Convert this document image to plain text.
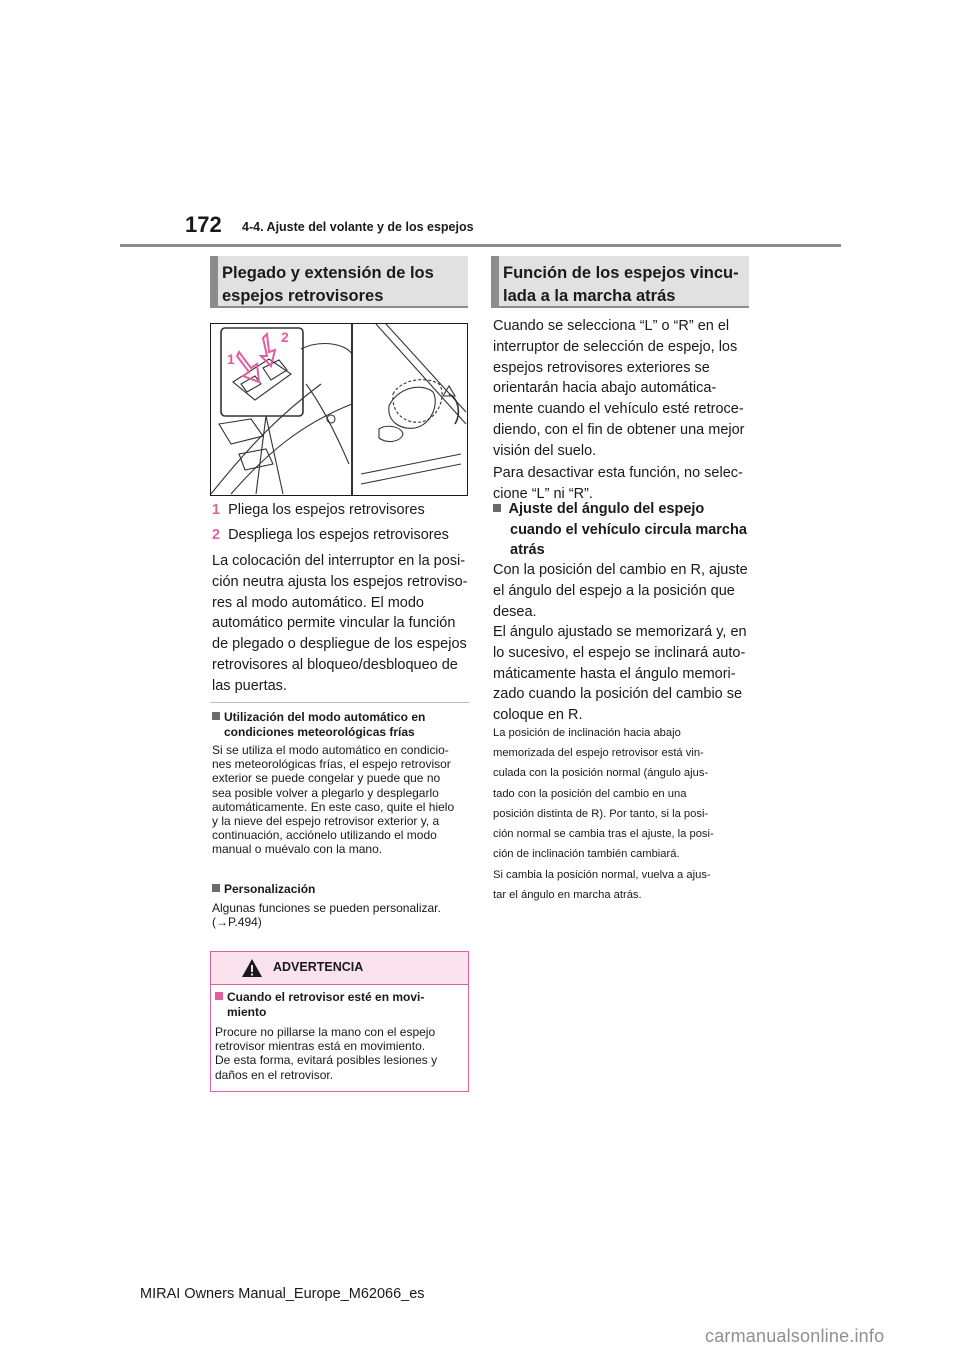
172 4-4. Ajuste del volante y de los espejos
Plegado y extensión de los
espejos retrovisores
1
2
1 Pliega los espejos retrovisores
2 Despliega los espejos retrovisores
La colocación del interruptor en la posi-
ción neutra ajusta los espejos retroviso-
res al modo automático. El modo
automático permite vincular la función
de plegado o despliegue de los espejos
retrovisores al bloqueo/desbloqueo de
las puertas.
Utilización del modo automático en
condiciones meteorológicas frías
Si se utiliza el modo automático en condicio-
nes meteorológicas frías, el espejo retrovisor
exterior se puede congelar y puede que no
sea posible volver a plegarlo y desplegarlo
automáticamente. En este caso, quite el hielo
y la nieve del espejo retrovisor exterior y, a
continuación, acciónelo utilizando el modo
manual o muévalo con la mano.
Personalización
Algunas funciones se pueden personalizar.
(→P.494)
ADVERTENCIA
Cuando el retrovisor esté en movi-
miento
Procure no pillarse la mano con el espejo
retrovisor mientras está en movimiento.
De esta forma, evitará posibles lesiones y
daños en el retrovisor.
Función de los espejos vincu-
lada a la marcha atrás
Cuando se selecciona “L” o “R” en el
interruptor de selección de espejo, los
espejos retrovisores exteriores se
orientarán hacia abajo automática-
mente cuando el vehículo esté retroce-
diendo, con el fin de obtener una mejor
visión del suelo.
Para desactivar esta función, no selec-
cione “L” ni “R”.
Ajuste del ángulo del espejo
cuando el vehículo circula marcha
atrás
Con la posición del cambio en R, ajuste
el ángulo del espejo a la posición que
desea.
El ángulo ajustado se memorizará y, en
lo sucesivo, el espejo se inclinará auto-
máticamente hasta el ángulo memori-
zado cuando la posición del cambio se
coloque en R.
La posición de inclinación hacia abajo
memorizada del espejo retrovisor está vin-
culada con la posición normal (ángulo ajus-
tado con la posición del cambio en una
posición distinta de R). Por tanto, si la posi-
ción normal se cambia tras el ajuste, la posi-
ción de inclinación también cambiará.
Si cambia la posición normal, vuelva a ajus-
tar el ángulo en marcha atrás.
MIRAI Owners Manual_Europe_M62066_es
carmanualsonline.info
